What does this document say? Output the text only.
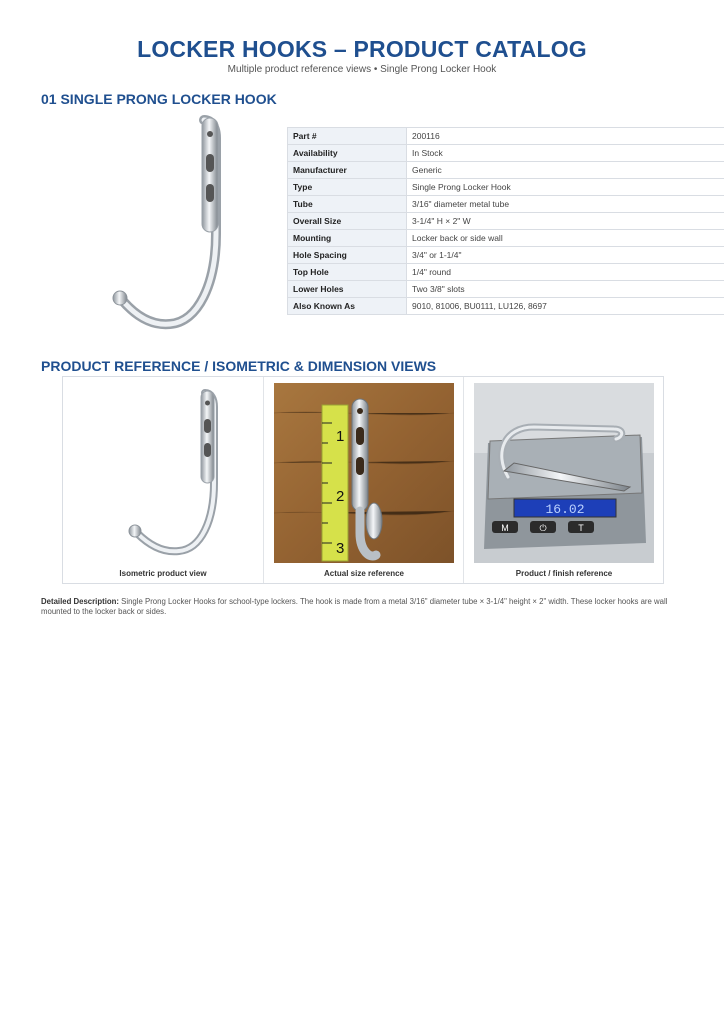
LOCKER HOOKS – PRODUCT CATALOG
Multiple product reference views • Single Prong Locker Hook
01 SINGLE PRONG LOCKER HOOK
Part #	200116
Availability	In Stock
Manufacturer	Generic
Type	Single Prong Locker Hook
Tube	3/16" diameter metal tube
Overall Size	3-1/4" H × 2" W
Mounting	Locker back or side wall
Hole Spacing	3/4" or 1-1/4"
Top Hole	1/4" round
Lower Holes	Two 3/8" slots
Also Known As	9010, 81006, BU0111, LU126, 8697
PRODUCT REFERENCE / ISOMETRIC & DIMENSION VIEWS
Isometric product view
1
2
3
Actual size reference
16.02
M	⏻	T
Product / finish reference
Detailed Description: Single Prong Locker Hooks for school-type lockers. The hook is made from a metal 3/16" diameter tube × 3-1/4" height × 2" width. These locker hooks are wall mounted to the locker back or sides.
